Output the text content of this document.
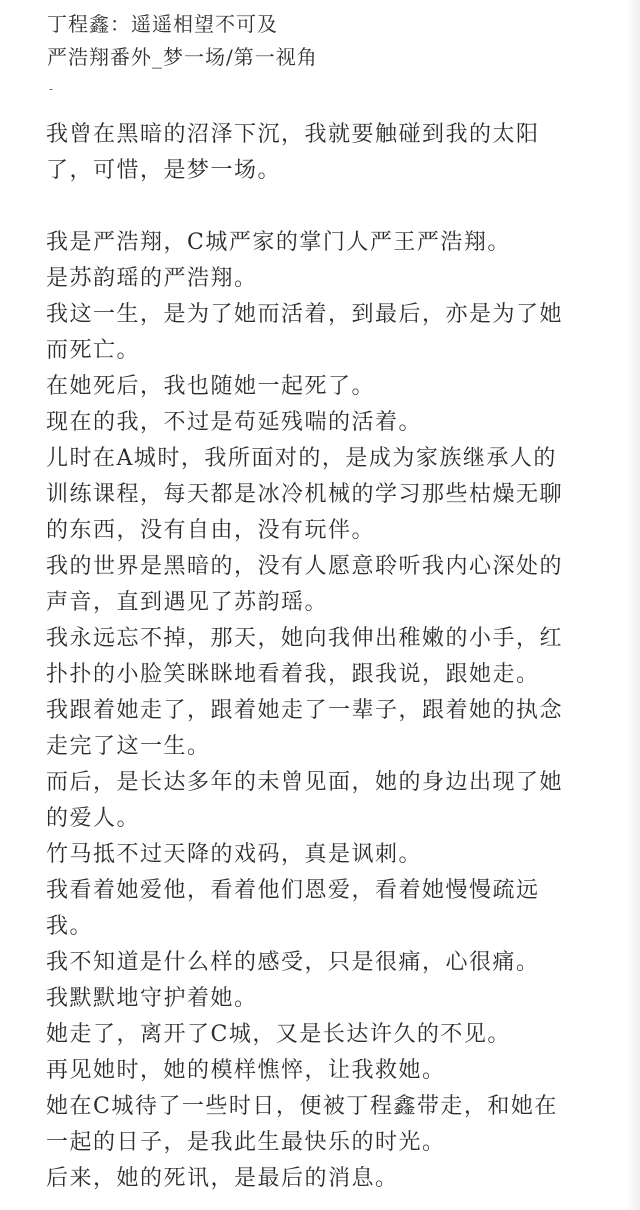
丁程鑫：遥遥相望不可及
严浩翔番外_梦一场/第一视角
-
我曾在黑暗的沼泽下沉，我就要触碰到我的太阳
了，可惜，是梦一场。
我是严浩翔，C城严家的掌门人严王严浩翔。
是苏韵瑶的严浩翔。
我这一生，是为了她而活着，到最后，亦是为了她
而死亡。
在她死后，我也随她一起死了。
现在的我，不过是苟延残喘的活着。
儿时在A城时，我所面对的，是成为家族继承人的
训练课程，每天都是冰冷机械的学习那些枯燥无聊
的东西，没有自由，没有玩伴。
我的世界是黑暗的，没有人愿意聆听我内心深处的
声音，直到遇见了苏韵瑶。
我永远忘不掉，那天，她向我伸出稚嫩的小手，红
扑扑的小脸笑眯眯地看着我，跟我说，跟她走。
我跟着她走了，跟着她走了一辈子，跟着她的执念
走完了这一生。
而后，是长达多年的未曾见面，她的身边出现了她
的爱人。
竹马抵不过天降的戏码，真是讽刺。
我看着她爱他，看着他们恩爱，看着她慢慢疏远
我。
我不知道是什么样的感受，只是很痛，心很痛。
我默默地守护着她。
她走了，离开了C城，又是长达许久的不见。
再见她时，她的模样憔悴，让我救她。
她在C城待了一些时日，便被丁程鑫带走，和她在
一起的日子，是我此生最快乐的时光。
后来，她的死讯，是最后的消息。
